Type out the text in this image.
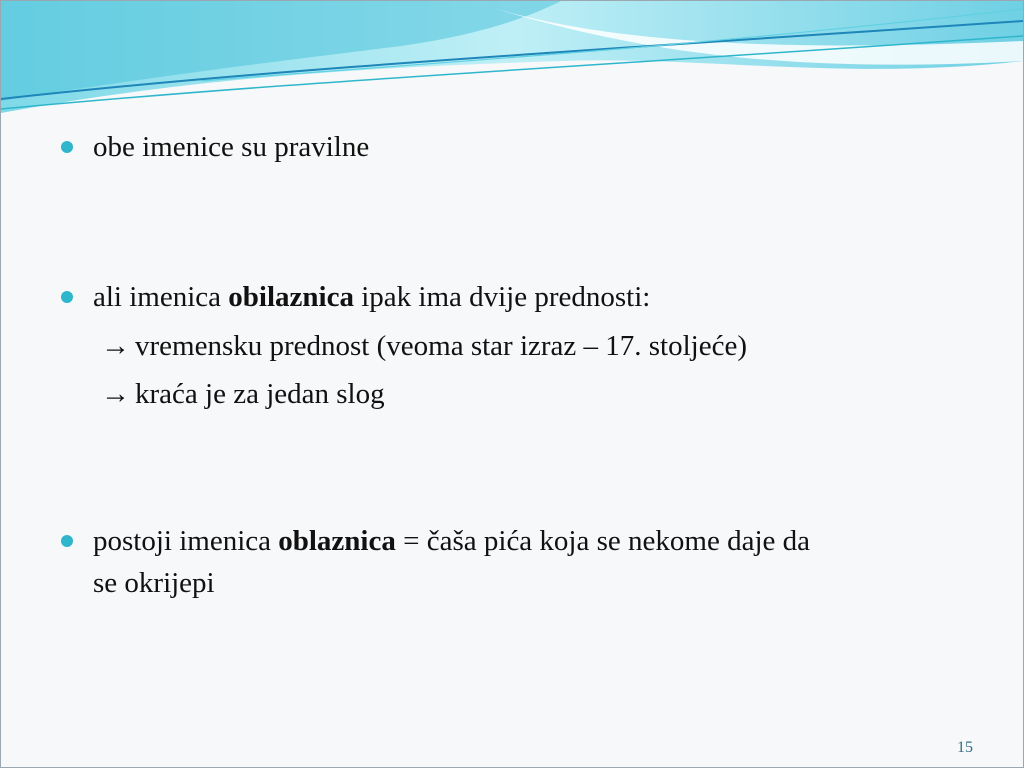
obe imenice su pravilne
ali imenica obilaznica ipak ima dvije prednosti:
→ vremensku prednost (veoma star izraz – 17. stoljeće)
→ kraća je za jedan slog
postoji imenica oblaznica = čaša pića koja se nekome daje da
se okrijepi
15
